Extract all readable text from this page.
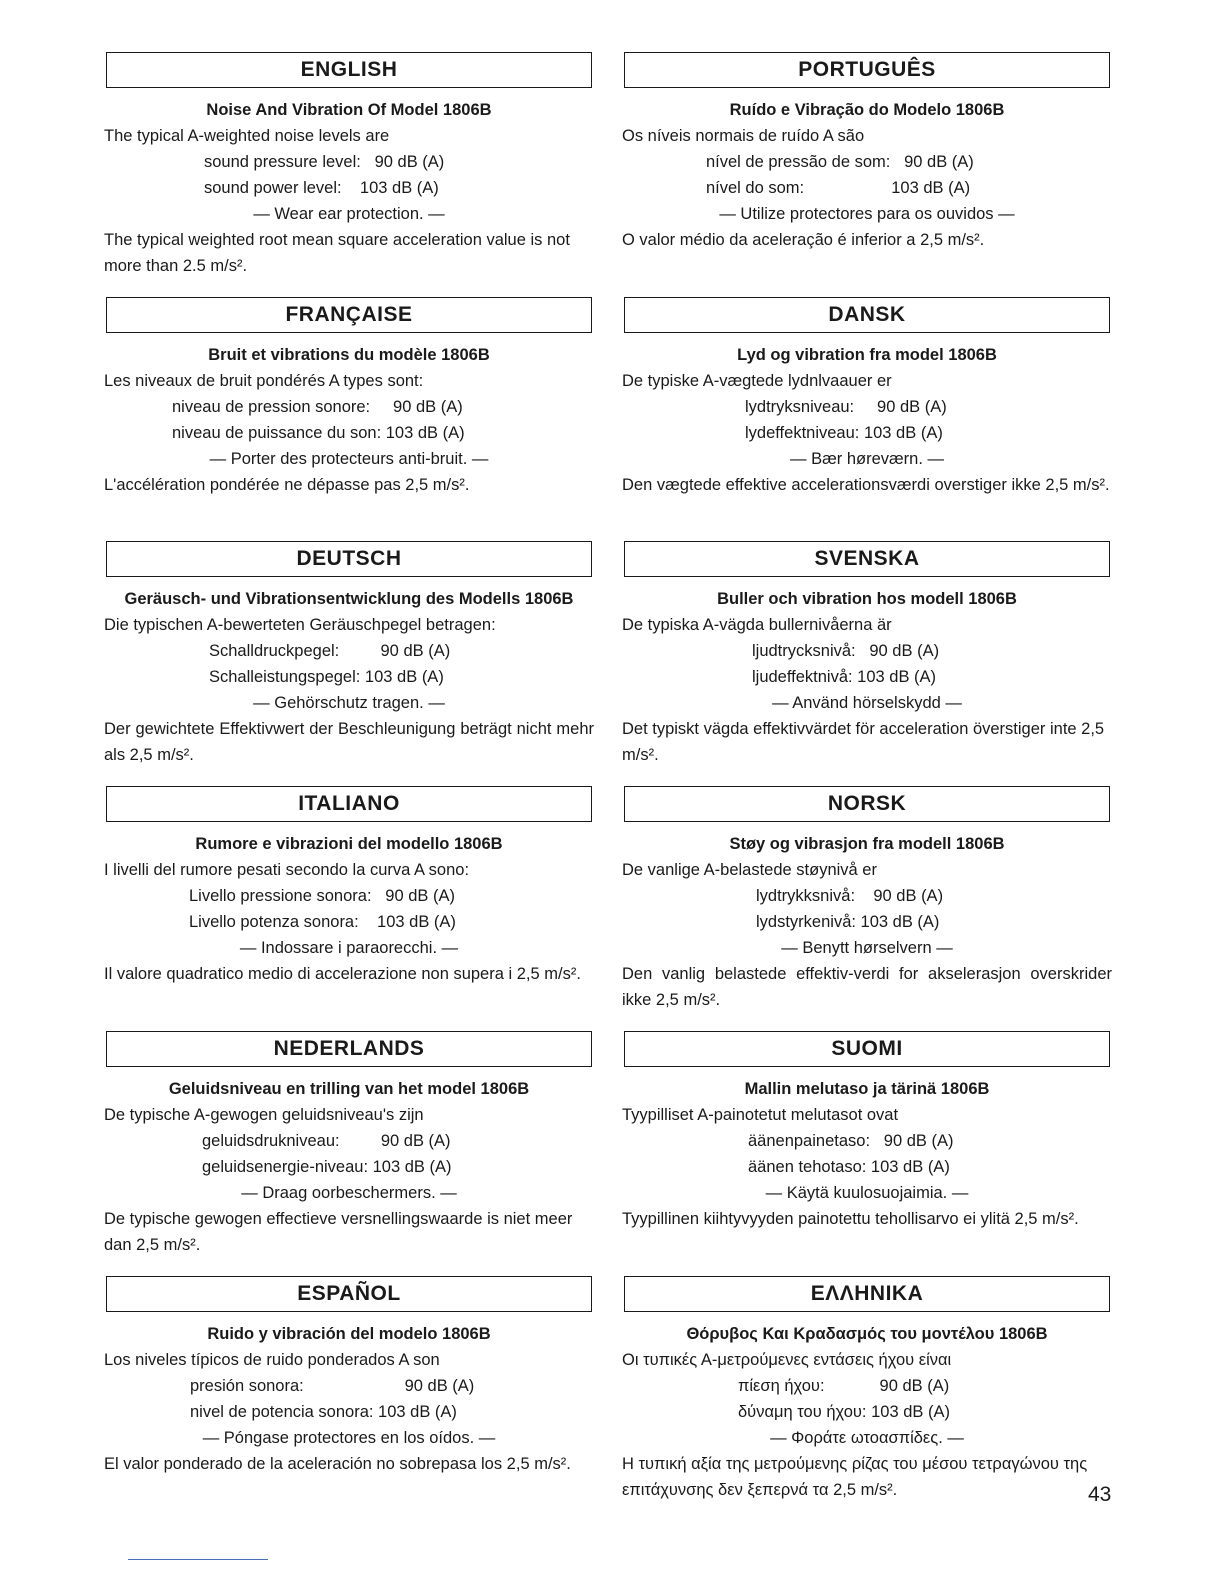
ENGLISH
Noise And Vibration Of Model 1806B
The typical A-weighted noise levels are
sound pressure level:   90 dB (A)
sound power level:    103 dB (A)
— Wear ear protection. —
The typical weighted root mean square acceleration value is not more than 2.5 m/s².
FRANÇAISE
Bruit et vibrations du modèle 1806B
Les niveaux de bruit pondérés A types sont:
niveau de pression sonore:     90 dB (A)
niveau de puissance du son: 103 dB (A)
— Porter des protecteurs anti-bruit. —
L'accélération pondérée ne dépasse pas 2,5 m/s².
DEUTSCH
Geräusch- und Vibrationsentwicklung des Modells 1806B
Die typischen A-bewerteten Geräuschpegel betragen:
Schalldruckpegel:         90 dB (A)
Schalleistungspegel: 103 dB (A)
— Gehörschutz tragen. —
Der gewichtete Effektivwert der Beschleunigung beträgt nicht mehr als 2,5 m/s².
ITALIANO
Rumore e vibrazioni del modello 1806B
I livelli del rumore pesati secondo la curva A sono:
Livello pressione sonora:   90 dB (A)
Livello potenza sonora:    103 dB (A)
— Indossare i paraorecchi. —
Il valore quadratico medio di accelerazione non supera i 2,5 m/s².
NEDERLANDS
Geluidsniveau en trilling van het model 1806B
De typische A-gewogen geluidsniveau's zijn
geluidsdrukniveau:         90 dB (A)
geluidsenergie-niveau: 103 dB (A)
— Draag oorbeschermers. —
De typische gewogen effectieve versnellingswaarde is niet meer dan 2,5 m/s².
ESPAÑOL
Ruido y vibración del modelo 1806B
Los niveles típicos de ruido ponderados A son
presión sonora:                      90 dB (A)
nivel de potencia sonora: 103 dB (A)
— Póngase protectores en los oídos. —
El valor ponderado de la aceleración no sobrepasa los 2,5 m/s².
PORTUGUÊS
Ruído e Vibração do Modelo 1806B
Os níveis normais de ruído A são
nível de pressão de som:   90 dB (A)
nível do som:                   103 dB (A)
— Utilize protectores para os ouvidos —
O valor médio da aceleração é inferior a 2,5 m/s².
DANSK
Lyd og vibration fra model 1806B
De typiske A-vægtede lydnlvaauer er
lydtryksniveau:     90 dB (A)
lydeffektniveau: 103 dB (A)
— Bær høreværn. —
Den vægtede effektive accelerationsværdi overstiger ikke 2,5 m/s².
SVENSKA
Buller och vibration hos modell 1806B
De typiska A-vägda bullernivåerna är
ljudtrycksnivå:   90 dB (A)
ljudeffektnivå: 103 dB (A)
— Använd hörselskydd —
Det typiskt vägda effektivvärdet för acceleration överstiger inte 2,5 m/s².
NORSK
Støy og vibrasjon fra modell 1806B
De vanlige A-belastede støynivå er
lydtrykksnivå:    90 dB (A)
lydstyrkenivå: 103 dB (A)
— Benytt hørselvern —
Den vanlig belastede effektiv-verdi for akselerasjon overskrider ikke 2,5 m/s².
SUOMI
Mallin melutaso ja tärinä 1806B
Tyypilliset A-painotetut melutasot ovat
äänenpainetaso:   90 dB (A)
äänen tehotaso: 103 dB (A)
— Käytä kuulosuojaimia. —
Tyypillinen kiihtyvyyden painotettu tehollisarvo ei ylitä 2,5 m/s².
ΕΛΛΗΝΙΚΑ
Θόρυβος Και Κραδασμός του μοντέλου 1806B
Οι τυπικές Α-μετρούμενες εντάσεις ήχου είναι
πίεση ήχου:            90 dB (A)
δύναμη του ήχου: 103 dB (A)
— Φοράτε ωτοασπίδες. —
Η τυπική αξία της μετρούμενης ρίζας του μέσου τετραγώνου της επιτάχυνσης δεν ξεπερνά τα 2,5 m/s².	43
